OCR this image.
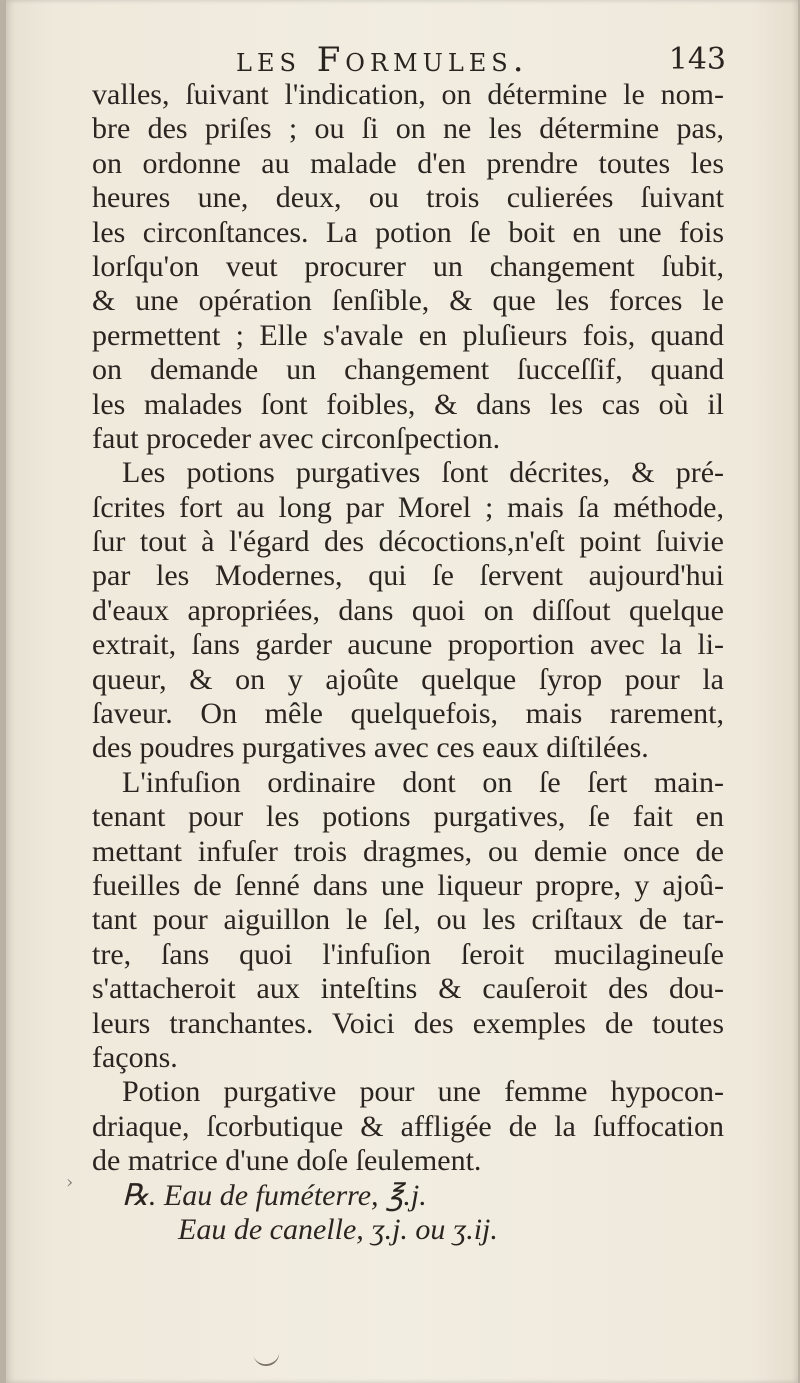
les Formules.	143
valles, ſuivant l'indication, on détermine le nom-
bre des priſes ; ou ſi on ne les détermine pas,
on ordonne au malade d'en prendre toutes les
heures une, deux, ou trois culierées ſuivant
les circonſtances. La potion ſe boit en une fois
lorſqu'on veut procurer un changement ſubit,
& une opération ſenſible, & que les forces le
permettent ; Elle s'avale en pluſieurs fois, quand
on demande un changement ſucceſſif, quand
les malades ſont foibles, & dans les cas où il
faut proceder avec circonſpection.
Les potions purgatives ſont décrites, & pré-
ſcrites fort au long par Morel ; mais ſa méthode,
ſur tout à l'égard des décoctions,n'eſt point ſuivie
par les Modernes, qui ſe ſervent aujourd'hui
d'eaux apropriées, dans quoi on diſſout quelque
extrait, ſans garder aucune proportion avec la li-
queur, & on y ajoûte quelque ſyrop pour la
ſaveur. On mêle quelquefois, mais rarement,
des poudres purgatives avec ces eaux diſtilées.
L'infuſion ordinaire dont on ſe ſert main-
tenant pour les potions purgatives, ſe fait en
mettant infuſer trois dragmes, ou demie once de
fueilles de ſenné dans une liqueur propre, y ajoû-
tant pour aiguillon le ſel, ou les criſtaux de tar-
tre, ſans quoi l'infuſion ſeroit mucilagineuſe
s'attacheroit aux inteſtins & cauſeroit des dou-
leurs tranchantes. Voici des exemples de toutes
façons.
Potion purgative pour une femme hypocon-
driaque, ſcorbutique & affligée de la ſuffocation
de matrice d'une doſe ſeulement.
℞. Eau de fuméterre, ℥.j.
Eau de canelle, ʒ.j. ou ʒ.ij.
›
